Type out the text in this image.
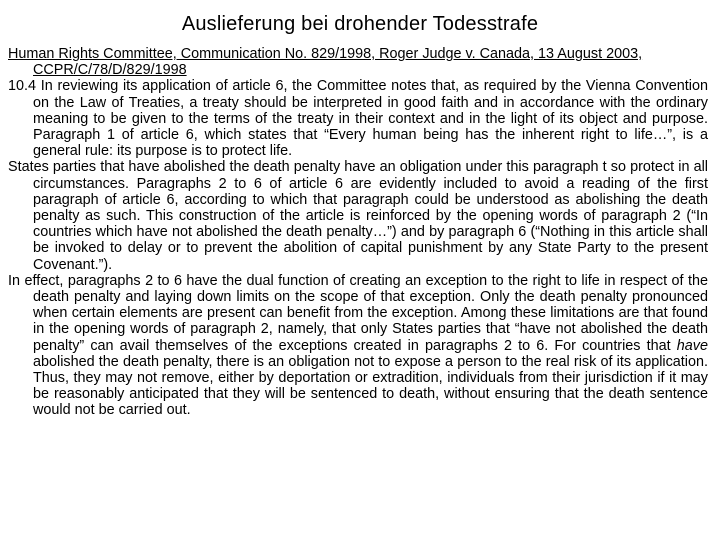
Auslieferung bei drohender Todesstrafe

Human Rights Committee, Communication No. 829/1998, Roger Judge v. Canada, 13 August 2003, CCPR/C/78/D/829/1998

10.4 In reviewing its application of article 6, the Committee notes that, as required by the Vienna Convention on the Law of Treaties, a treaty should be interpreted in good faith and in accordance with the ordinary meaning to be given to the terms of the treaty in their context and in the light of its object and purpose. Paragraph 1 of article 6, which states that “Every human being has the inherent right to life…”, is a general rule: its purpose is to protect life.

States parties that have abolished the death penalty have an obligation under this paragraph t so protect in all circumstances. Paragraphs 2 to 6 of article 6 are evidently included to avoid a reading of the first paragraph of article 6, according to which that paragraph could be understood as abolishing the death penalty as such. This construction of the article is reinforced by the opening words of paragraph 2 (“In countries which have not abolished the death penalty…”) and by paragraph 6 (“Nothing in this article shall be invoked to delay or to prevent the abolition of capital punishment by any State Party to the present Covenant.”).

In effect, paragraphs 2 to 6 have the dual function of creating an exception to the right to life in respect of the death penalty and laying down limits on the scope of that exception. Only the death penalty pronounced when certain elements are present can benefit from the exception. Among these limitations are that found in the opening words of paragraph 2, namely, that only States parties that “have not abolished the death penalty” can avail themselves of the exceptions created in paragraphs 2 to 6. For countries that have abolished the death penalty, there is an obligation not to expose a person to the real risk of its application. Thus, they may not remove, either by deportation or extradition, individuals from their jurisdiction if it may be reasonably anticipated that they will be sentenced to death, without ensuring that the death sentence would not be carried out.
